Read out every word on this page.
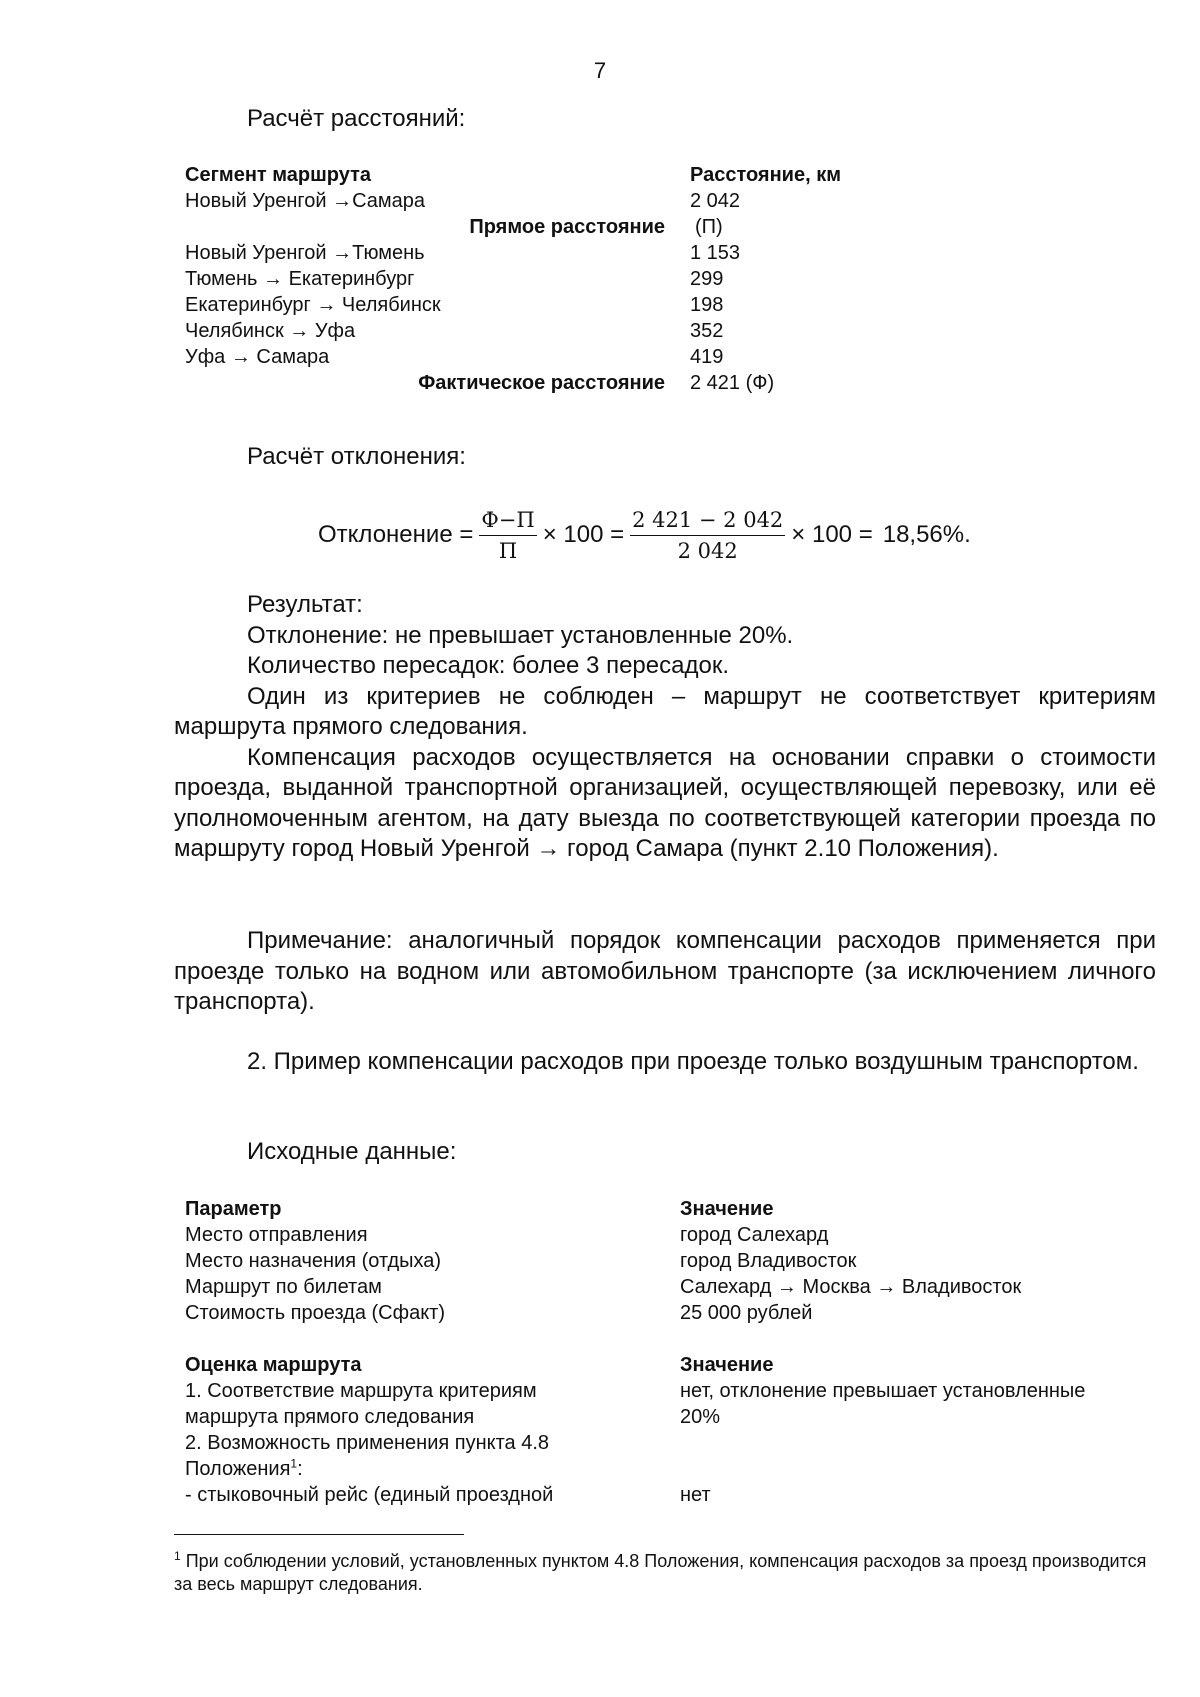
7
Расчёт расстояний:
Сегмент маршрута	Расстояние, км
Новый Уренгой →Самара	2 042
Прямое расстояние (П)
Новый Уренгой →Тюмень	1 153
Тюмень → Екатеринбург	299
Екатеринбург → Челябинск	198
Челябинск → Уфа	352
Уфа → Самара	419
Фактическое расстояние 2 421 (Ф)
Расчёт отклонения:
Отклонение = $\frac{Ф-П}{П} \times 100 = \frac{2 421 - 2 042}{2 042} \times 100 = 18,56\%$.

Результат:

Отклонение: не превышает установленные 20%.

Количество пересадок: более 3 пересадок.

Один из критериев не соблюден – маршрут не соответствует критериям маршрута прямого следования.

Компенсация расходов осуществляется на основании справки о стоимости проезда, выданной транспортной организацией, осуществляющей перевозку, или её уполномоченным агентом, на дату выезда по соответствующей категории проезда по маршруту город Новый Уренгой → город Самара (пункт 2.10 Положения).

Примечание: аналогичный порядок компенсации расходов применяется при проезде только на водном или автомобильном транспорте (за исключением личного транспорта).

2. Пример компенсации расходов при проезде только воздушным транспортом.

Исходные данные:
Параметр	Значение
Место отправления	город Салехард
Место назначения (отдыха)	город Владивосток
Маршрут по билетам	Салехард → Москва → Владивосток
Стоимость проезда (Сфакт)	25 000 рублей
Оценка маршрута	Значение
1. Соответствие маршрута критериям	нет, отклонение превышает установленные
маршрута прямого следования	20%
2. Возможность применения пункта 4.8
Положения$^1$:
- стыковочный рейс (единый проездной	нет
$^1$ При соблюдении условий, установленных пунктом 4.8 Положения, компенсация расходов за проезд производится за весь маршрут следования.
